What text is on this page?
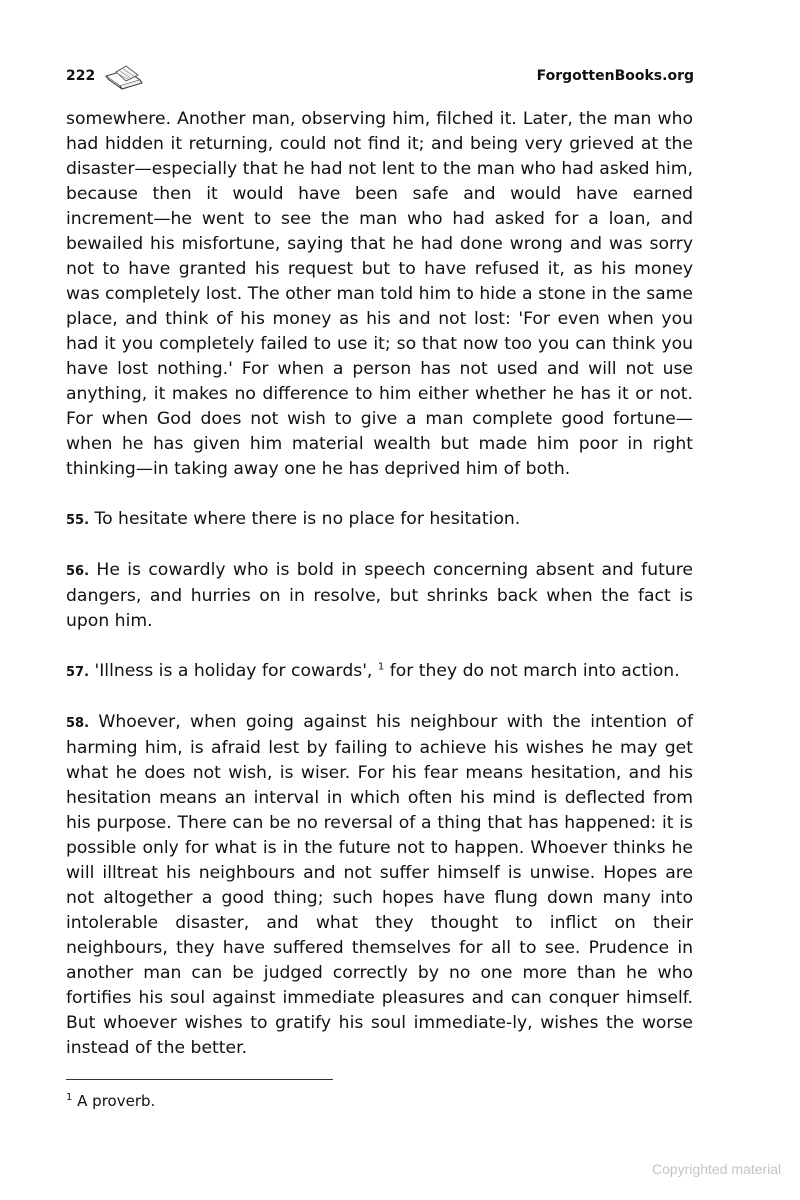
222	ForgottenBooks.org

somewhere. Another man, observing him, filched it. Later, the man who had hidden it returning, could not find it; and being very grieved at the disaster—especially that he had not lent to the man who had asked him, because then it would have been safe and would have earned increment—he went to see the man who had asked for a loan, and bewailed his misfortune, saying that he had done wrong and was sorry not to have granted his request but to have refused it, as his money was completely lost. The other man told him to hide a stone in the same place, and think of his money as his and not lost: 'For even when you had it you completely failed to use it; so that now too you can think you have lost nothing.' For when a person has not used and will not use anything, it makes no difference to him either whether he has it or not. For when God does not wish to give a man complete good fortune—when he has given him material wealth but made him poor in right thinking—in taking away one he has deprived him of both.

55. To hesitate where there is no place for hesitation.

56. He is cowardly who is bold in speech concerning absent and future dangers, and hurries on in resolve, but shrinks back when the fact is upon him.

57. 'Illness is a holiday for cowards', $^1$ for they do not march into action.

58. Whoever, when going against his neighbour with the intention of harming him, is afraid lest by failing to achieve his wishes he may get what he does not wish, is wiser. For his fear means hesitation, and his hesitation means an interval in which often his mind is deflected from his purpose. There can be no reversal of a thing that has happened: it is possible only for what is in the future not to happen. Whoever thinks he will illtreat his neighbours and not suffer himself is unwise. Hopes are not altogether a good thing; such hopes have flung down many into intolerable disaster, and what they thought to inflict on their neighbours, they have suffered themselves for all to see. Prudence in another man can be judged correctly by no one more than he who fortifies his soul against immediate pleasures and can conquer himself. But whoever wishes to gratify his soul immediate-ly, wishes the worse instead of the better.

$^1$ A proverb.
Copyrighted material
